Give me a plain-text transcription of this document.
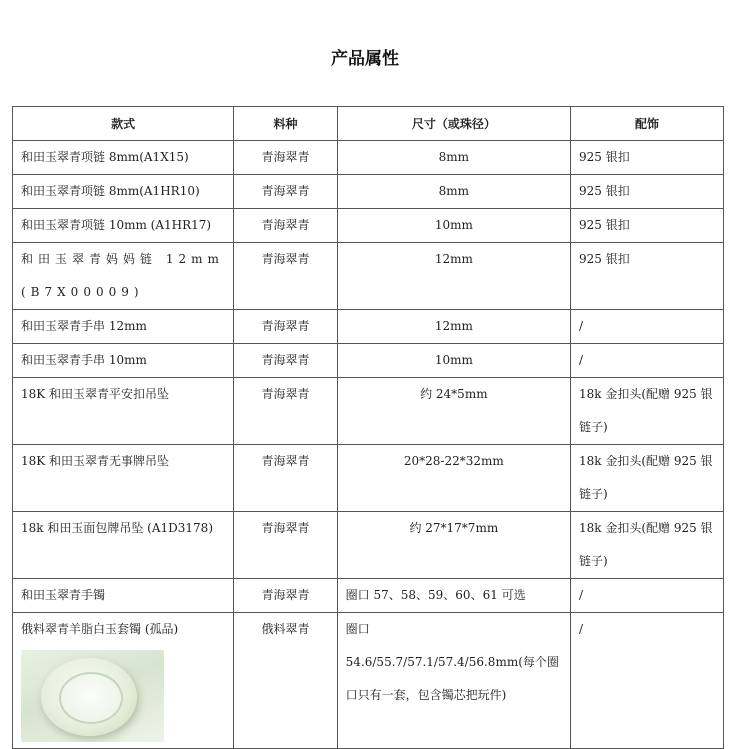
产品属性
款式	料种	尺寸（或珠径）	配饰
和田玉翠青项链 8mm(A1X15)	青海翠青	8mm	925 银扣
和田玉翠青项链 8mm(A1HR10)	青海翠青	8mm	925 银扣
和田玉翠青项链 10mm (A1HR17)	青海翠青	10mm	925 银扣
和田玉翠青妈妈链 12mm (B7X00009)	青海翠青	12mm	925 银扣
和田玉翠青手串 12mm	青海翠青	12mm	/
和田玉翠青手串 10mm	青海翠青	10mm	/
18K 和田玉翠青平安扣吊坠	青海翠青	约 24*5mm	18k 金扣头(配赠 925 银链子)
18K 和田玉翠青无事牌吊坠	青海翠青	20*28-22*32mm	18k 金扣头(配赠 925 银链子)
18k 和田玉面包牌吊坠 (A1D3178)	青海翠青	约 27*17*7mm	18k 金扣头(配赠 925 银链子)
和田玉翠青手镯	青海翠青	圈口 57、58、59、60、61 可选	/

俄料翠青羊脂白玉套镯 (孤品)	俄料翠青	圈口 54.6/55.7/57.1/57.4/56.8mm(每个圈口只有一套，包含镯芯把玩件)	/
